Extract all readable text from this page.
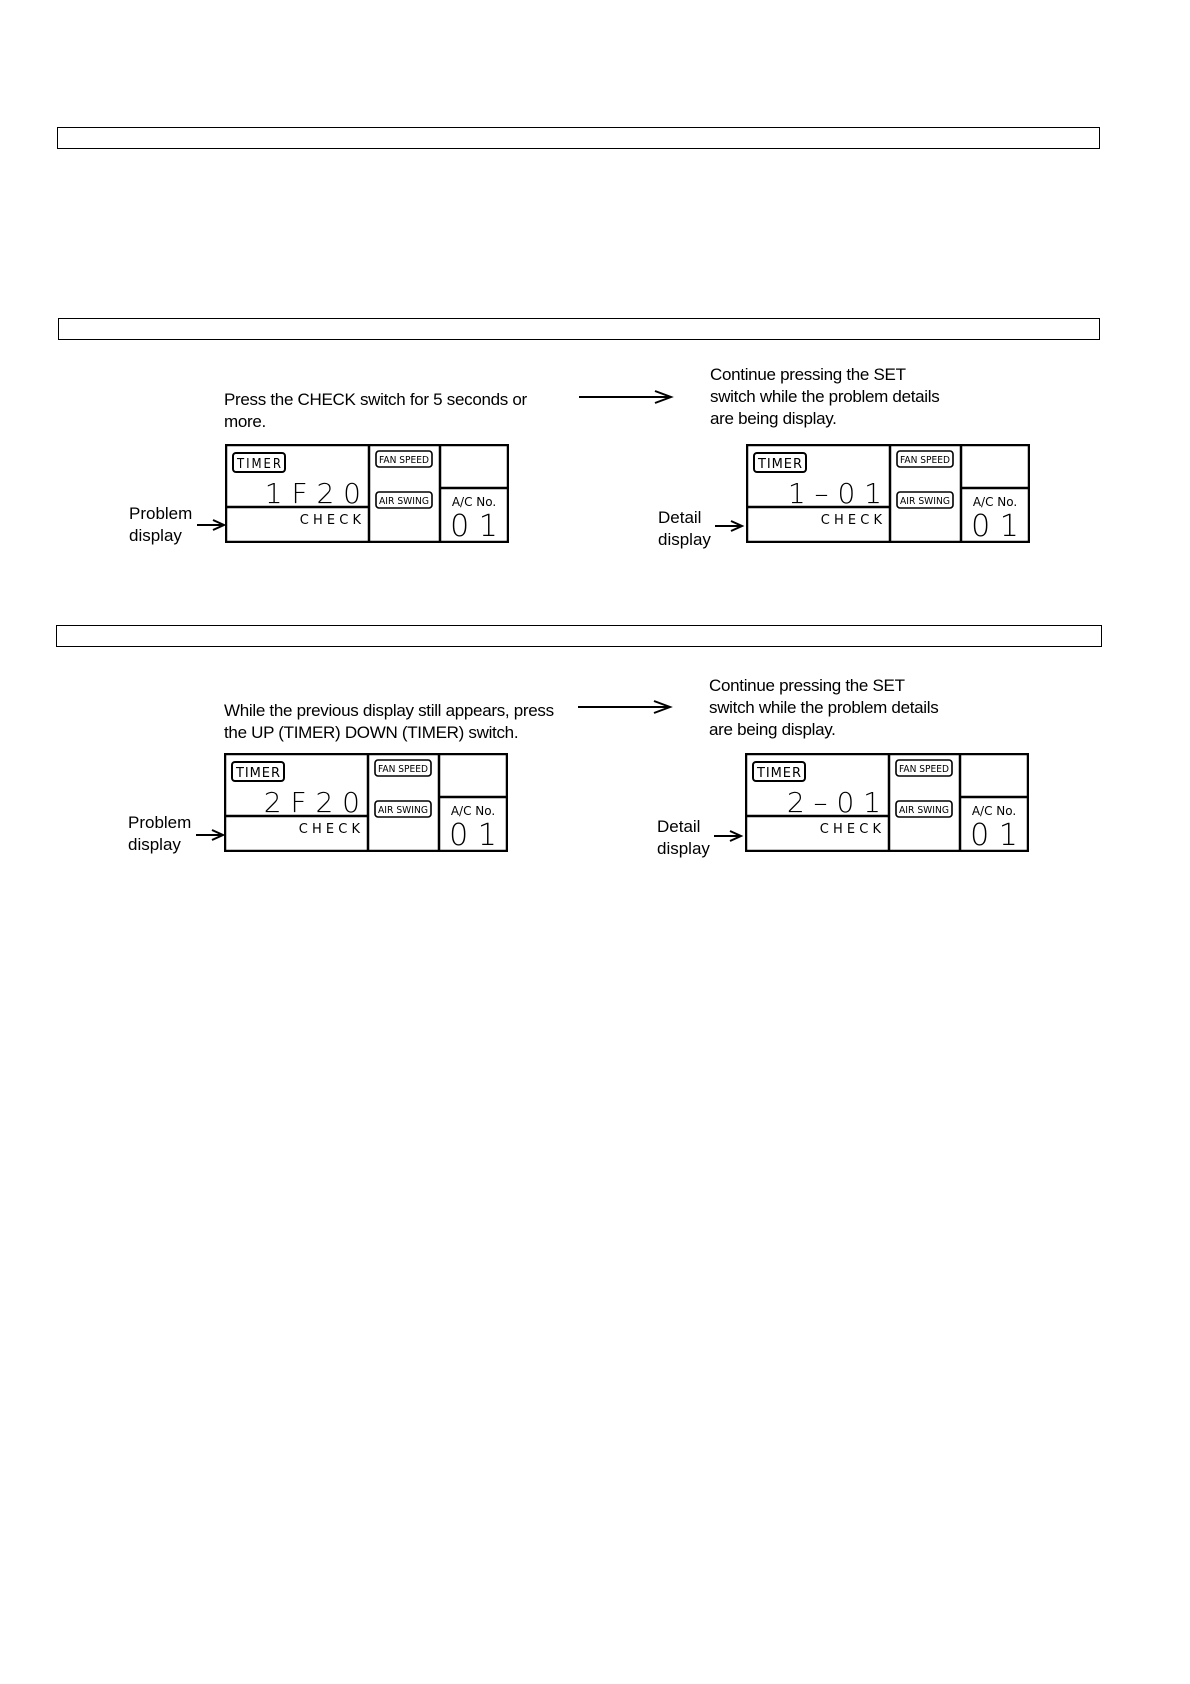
Press the CHECK switch for 5 seconds or more.
Continue pressing the SET switch while the problem details are being display.
Problem
display
Detail
display
T I M E R	FAN SPEED
AIR SWING
1 F 2 0
C H E C K
A/C No.
0 1
T I M E R	FAN SPEED
AIR SWING
1 – 0 1
C H E C K
A/C No.
0 1
While the previous display still appears, press the UP (TIMER) DOWN (TIMER) switch.
Continue pressing the SET switch while the problem details are being display.
Problem
display
Detail
display
T I M E R	FAN SPEED
AIR SWING
2 F 2 0
C H E C K
A/C No.
0 1
T I M E R	FAN SPEED
AIR SWING
2 – 0 1
C H E C K
A/C No.
0 1
